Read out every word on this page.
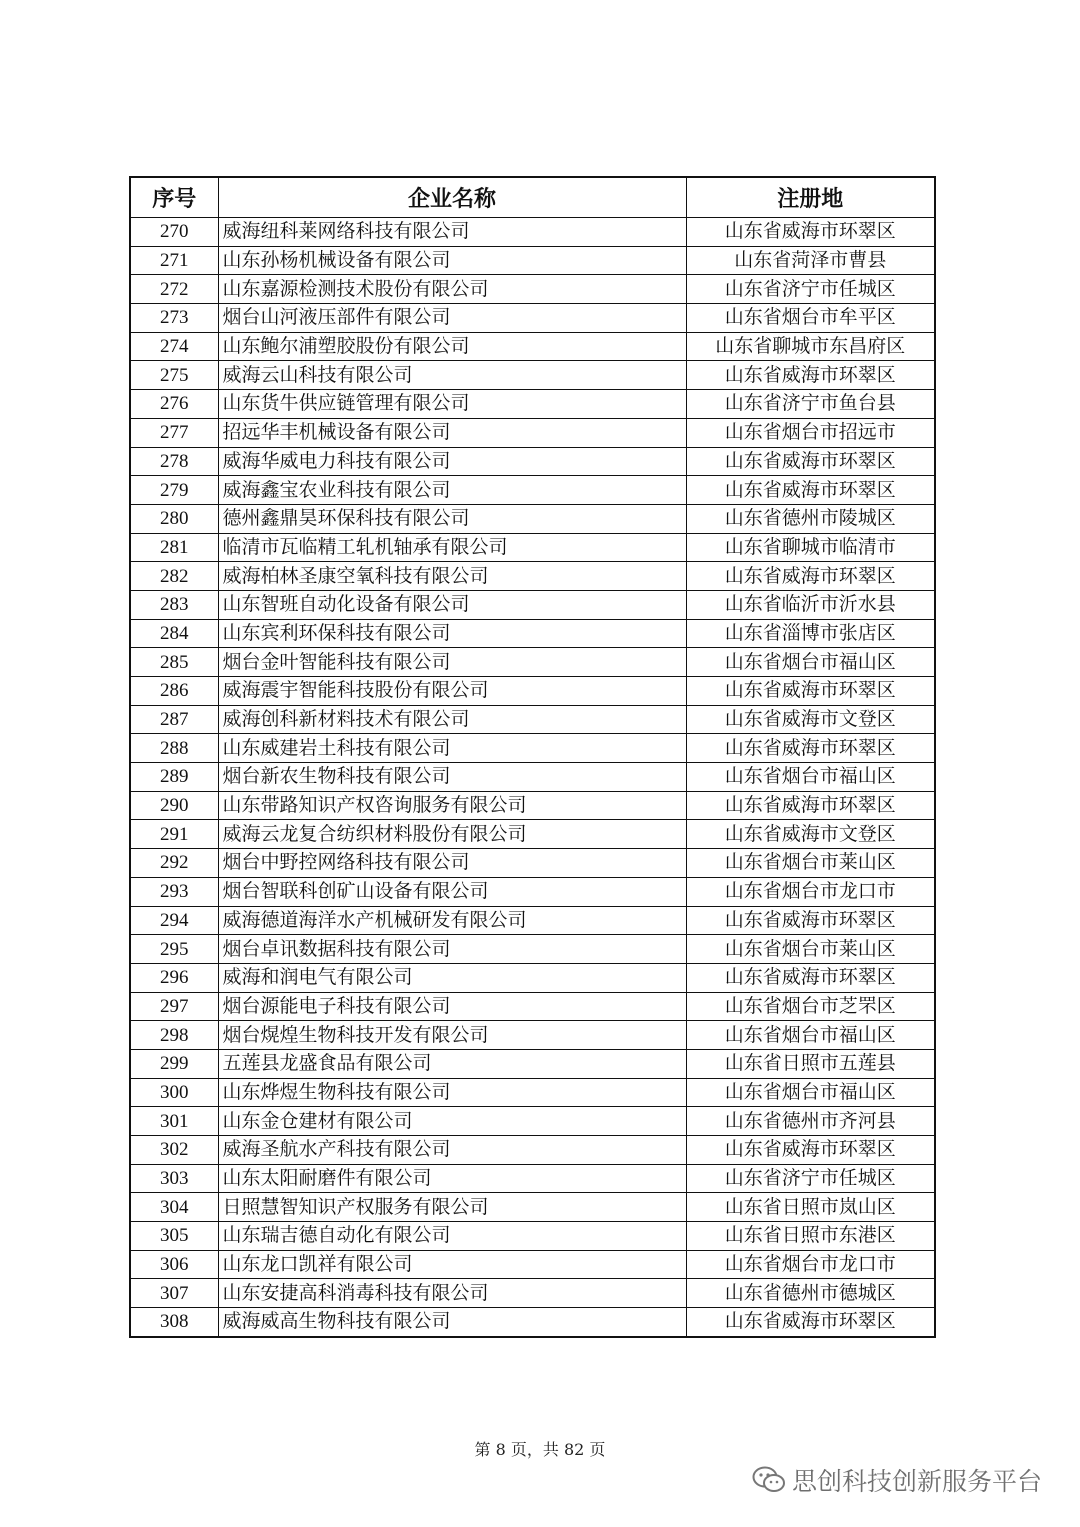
序号	企业名称	注册地
270	威海纽科莱网络科技有限公司	山东省威海市环翠区
271	山东孙杨机械设备有限公司	山东省菏泽市曹县
272	山东嘉源检测技术股份有限公司	山东省济宁市任城区
273	烟台山河液压部件有限公司	山东省烟台市牟平区
274	山东鲍尔浦塑胶股份有限公司	山东省聊城市东昌府区
275	威海云山科技有限公司	山东省威海市环翠区
276	山东货牛供应链管理有限公司	山东省济宁市鱼台县
277	招远华丰机械设备有限公司	山东省烟台市招远市
278	威海华威电力科技有限公司	山东省威海市环翠区
279	威海鑫宝农业科技有限公司	山东省威海市环翠区
280	德州鑫鼎昊环保科技有限公司	山东省德州市陵城区
281	临清市瓦临精工轧机轴承有限公司	山东省聊城市临清市
282	威海柏林圣康空氧科技有限公司	山东省威海市环翠区
283	山东智班自动化设备有限公司	山东省临沂市沂水县
284	山东宾利环保科技有限公司	山东省淄博市张店区
285	烟台金叶智能科技有限公司	山东省烟台市福山区
286	威海震宇智能科技股份有限公司	山东省威海市环翠区
287	威海创科新材料技术有限公司	山东省威海市文登区
288	山东威建岩土科技有限公司	山东省威海市环翠区
289	烟台新农生物科技有限公司	山东省烟台市福山区
290	山东带路知识产权咨询服务有限公司	山东省威海市环翠区
291	威海云龙复合纺织材料股份有限公司	山东省威海市文登区
292	烟台中野控网络科技有限公司	山东省烟台市莱山区
293	烟台智联科创矿山设备有限公司	山东省烟台市龙口市
294	威海德道海洋水产机械研发有限公司	山东省威海市环翠区
295	烟台卓讯数据科技有限公司	山东省烟台市莱山区
296	威海和润电气有限公司	山东省威海市环翠区
297	烟台源能电子科技有限公司	山东省烟台市芝罘区
298	烟台熀煌生物科技开发有限公司	山东省烟台市福山区
299	五莲县龙盛食品有限公司	山东省日照市五莲县
300	山东烨煜生物科技有限公司	山东省烟台市福山区
301	山东金仓建材有限公司	山东省德州市齐河县
302	威海圣航水产科技有限公司	山东省威海市环翠区
303	山东太阳耐磨件有限公司	山东省济宁市任城区
304	日照慧智知识产权服务有限公司	山东省日照市岚山区
305	山东瑞吉德自动化有限公司	山东省日照市东港区
306	山东龙口凯祥有限公司	山东省烟台市龙口市
307	山东安捷高科消毒科技有限公司	山东省德州市德城区
308	威海威高生物科技有限公司	山东省威海市环翠区
第 8 页，共 82 页
思创科技创新服务平台
